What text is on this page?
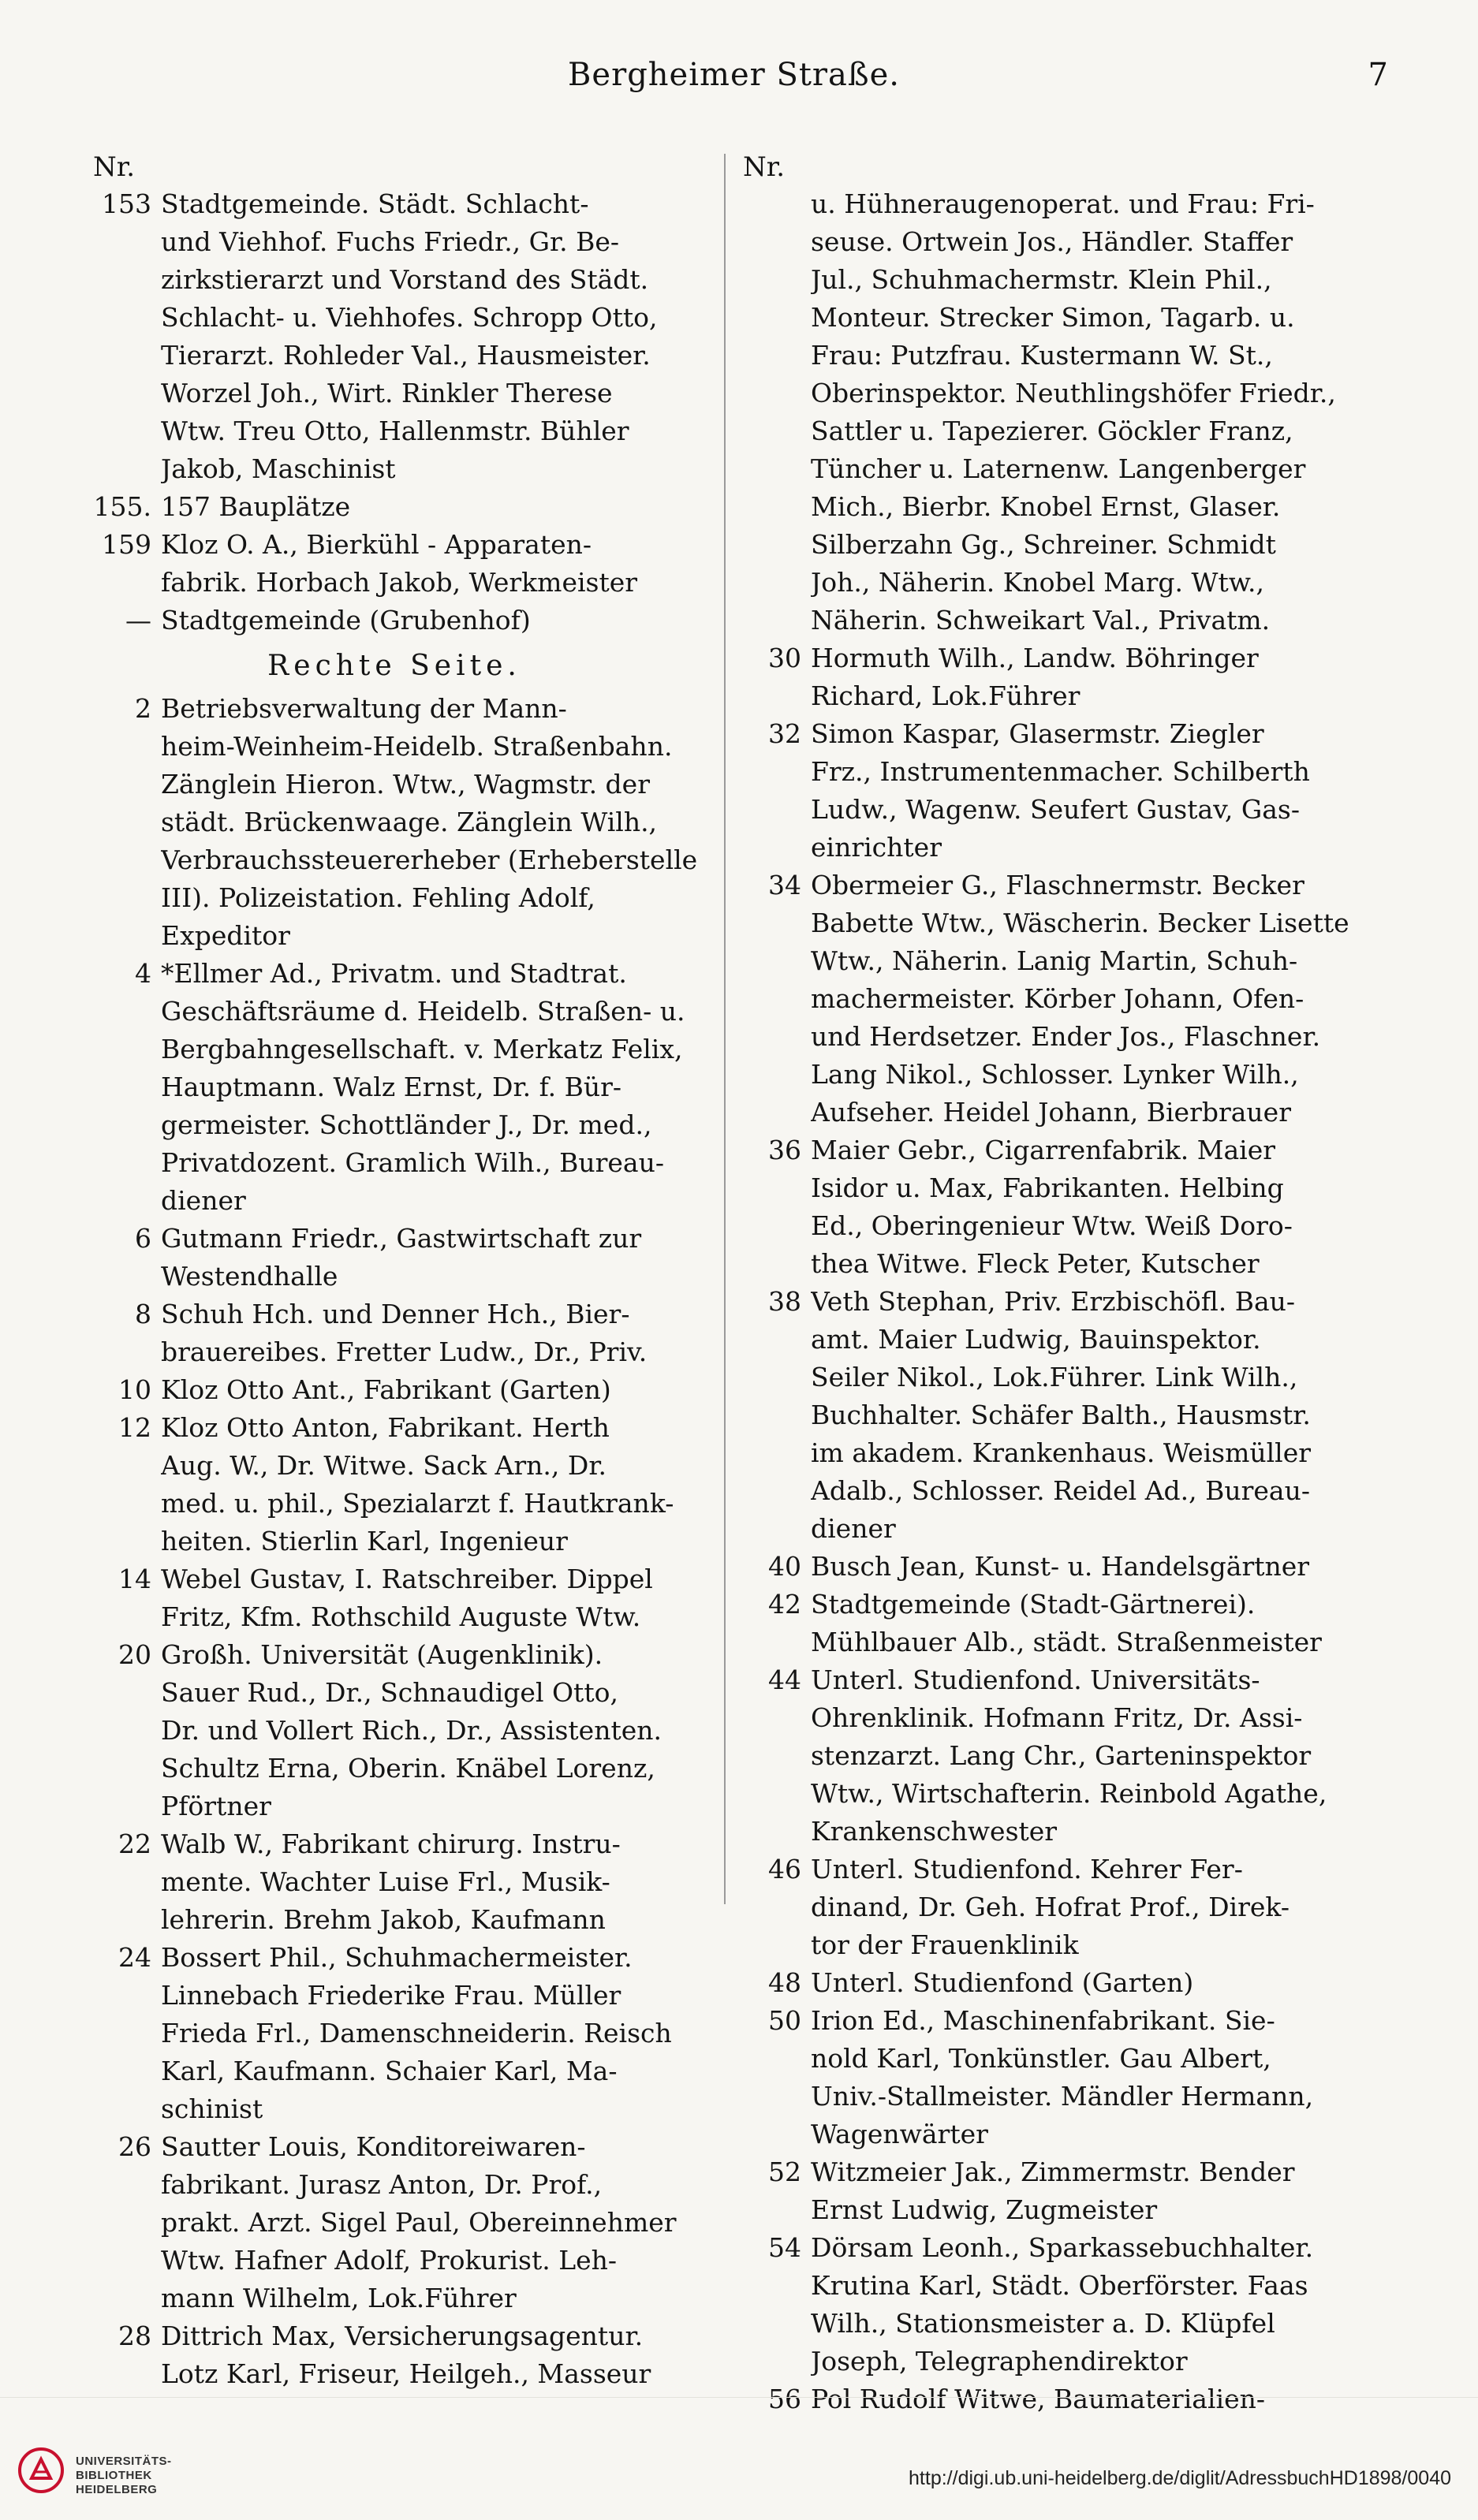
Bergheimer Straße.	7
Nr.
153 Stadtgemeinde. Städt. Schlacht-
und Viehhof. Fuchs Friedr., Gr. Be-
zirkstierarzt und Vorstand des Städt.
Schlacht- u. Viehhofes. Schropp Otto,
Tierarzt. Rohleder Val., Hausmeister.
Worzel Joh., Wirt. Rinkler Therese
Wtw. Treu Otto, Hallenmstr. Bühler
Jakob, Maschinist
155. 157 Bauplätze
159 Kloz O. A., Bierkühl - Apparaten-
fabrik. Horbach Jakob, Werkmeister
— Stadtgemeinde (Grubenhof)
Rechte Seite.
2 Betriebsverwaltung der Mann-
heim-Weinheim-Heidelb. Straßenbahn.
Zänglein Hieron. Wtw., Wagmstr. der
städt. Brückenwaage. Zänglein Wilh.,
Verbrauchssteuererheber (Erheberstelle
III). Polizeistation. Fehling Adolf,
Expeditor
4 *Ellmer Ad., Privatm. und Stadtrat.
Geschäftsräume d. Heidelb. Straßen- u.
Bergbahngesellschaft. v. Merkatz Felix,
Hauptmann. Walz Ernst, Dr. f. Bür-
germeister. Schottländer J., Dr. med.,
Privatdozent. Gramlich Wilh., Bureau-
diener
6 Gutmann Friedr., Gastwirtschaft zur
Westendhalle
8 Schuh Hch. und Denner Hch., Bier-
brauereibes. Fretter Ludw., Dr., Priv.
10 Kloz Otto Ant., Fabrikant (Garten)
12 Kloz Otto Anton, Fabrikant. Herth
Aug. W., Dr. Witwe. Sack Arn., Dr.
med. u. phil., Spezialarzt f. Hautkrank-
heiten. Stierlin Karl, Ingenieur
14 Webel Gustav, I. Ratschreiber. Dippel
Fritz, Kfm. Rothschild Auguste Wtw.
20 Großh. Universität (Augenklinik).
Sauer Rud., Dr., Schnaudigel Otto,
Dr. und Vollert Rich., Dr., Assistenten.
Schultz Erna, Oberin. Knäbel Lorenz,
Pförtner
22 Walb W., Fabrikant chirurg. Instru-
mente. Wachter Luise Frl., Musik-
lehrerin. Brehm Jakob, Kaufmann
24 Bossert Phil., Schuhmachermeister.
Linnebach Friederike Frau. Müller
Frieda Frl., Damenschneiderin. Reisch
Karl, Kaufmann. Schaier Karl, Ma-
schinist
26 Sautter Louis, Konditoreiwaren-
fabrikant. Jurasz Anton, Dr. Prof.,
prakt. Arzt. Sigel Paul, Obereinnehmer
Wtw. Hafner Adolf, Prokurist. Leh-
mann Wilhelm, Lok.Führer
28 Dittrich Max, Versicherungsagentur.
Lotz Karl, Friseur, Heilgeh., Masseur
Nr.
u. Hühneraugenoperat. und Frau: Fri-
seuse. Ortwein Jos., Händler. Staffer
Jul., Schuhmachermstr. Klein Phil.,
Monteur. Strecker Simon, Tagarb. u.
Frau: Putzfrau. Kustermann W. St.,
Oberinspektor. Neuthlingshöfer Friedr.,
Sattler u. Tapezierer. Göckler Franz,
Tüncher u. Laternenw. Langenberger
Mich., Bierbr. Knobel Ernst, Glaser.
Silberzahn Gg., Schreiner. Schmidt
Joh., Näherin. Knobel Marg. Wtw.,
Näherin. Schweikart Val., Privatm.
30 Hormuth Wilh., Landw. Böhringer
Richard, Lok.Führer
32 Simon Kaspar, Glasermstr. Ziegler
Frz., Instrumentenmacher. Schilberth
Ludw., Wagenw. Seufert Gustav, Gas-
einrichter
34 Obermeier G., Flaschnermstr. Becker
Babette Wtw., Wäscherin. Becker Lisette
Wtw., Näherin. Lanig Martin, Schuh-
machermeister. Körber Johann, Ofen-
und Herdsetzer. Ender Jos., Flaschner.
Lang Nikol., Schlosser. Lynker Wilh.,
Aufseher. Heidel Johann, Bierbrauer
36 Maier Gebr., Cigarrenfabrik. Maier
Isidor u. Max, Fabrikanten. Helbing
Ed., Oberingenieur Wtw. Weiß Doro-
thea Witwe. Fleck Peter, Kutscher
38 Veth Stephan, Priv. Erzbischöfl. Bau-
amt. Maier Ludwig, Bauinspektor.
Seiler Nikol., Lok.Führer. Link Wilh.,
Buchhalter. Schäfer Balth., Hausmstr.
im akadem. Krankenhaus. Weismüller
Adalb., Schlosser. Reidel Ad., Bureau-
diener
40 Busch Jean, Kunst- u. Handelsgärtner
42 Stadtgemeinde (Stadt-Gärtnerei).
Mühlbauer Alb., städt. Straßenmeister
44 Unterl. Studienfond. Universitäts-
Ohrenklinik. Hofmann Fritz, Dr. Assi-
stenzarzt. Lang Chr., Garteninspektor
Wtw., Wirtschafterin. Reinbold Agathe,
Krankenschwester
46 Unterl. Studienfond. Kehrer Fer-
dinand, Dr. Geh. Hofrat Prof., Direk-
tor der Frauenklinik
48 Unterl. Studienfond (Garten)
50 Irion Ed., Maschinenfabrikant. Sie-
nold Karl, Tonkünstler. Gau Albert,
Univ.-Stallmeister. Mändler Hermann,
Wagenwärter
52 Witzmeier Jak., Zimmermstr. Bender
Ernst Ludwig, Zugmeister
54 Dörsam Leonh., Sparkassebuchhalter.
Krutina Karl, Städt. Oberförster. Faas
Wilh., Stationsmeister a. D. Klüpfel
Joseph, Telegraphendirektor
56 Pol Rudolf Witwe, Baumaterialien-
UNIVERSITÄTS-
BIBLIOTHEK
HEIDELBERG
http://digi.ub.uni-heidelberg.de/diglit/AdressbuchHD1898/0040
